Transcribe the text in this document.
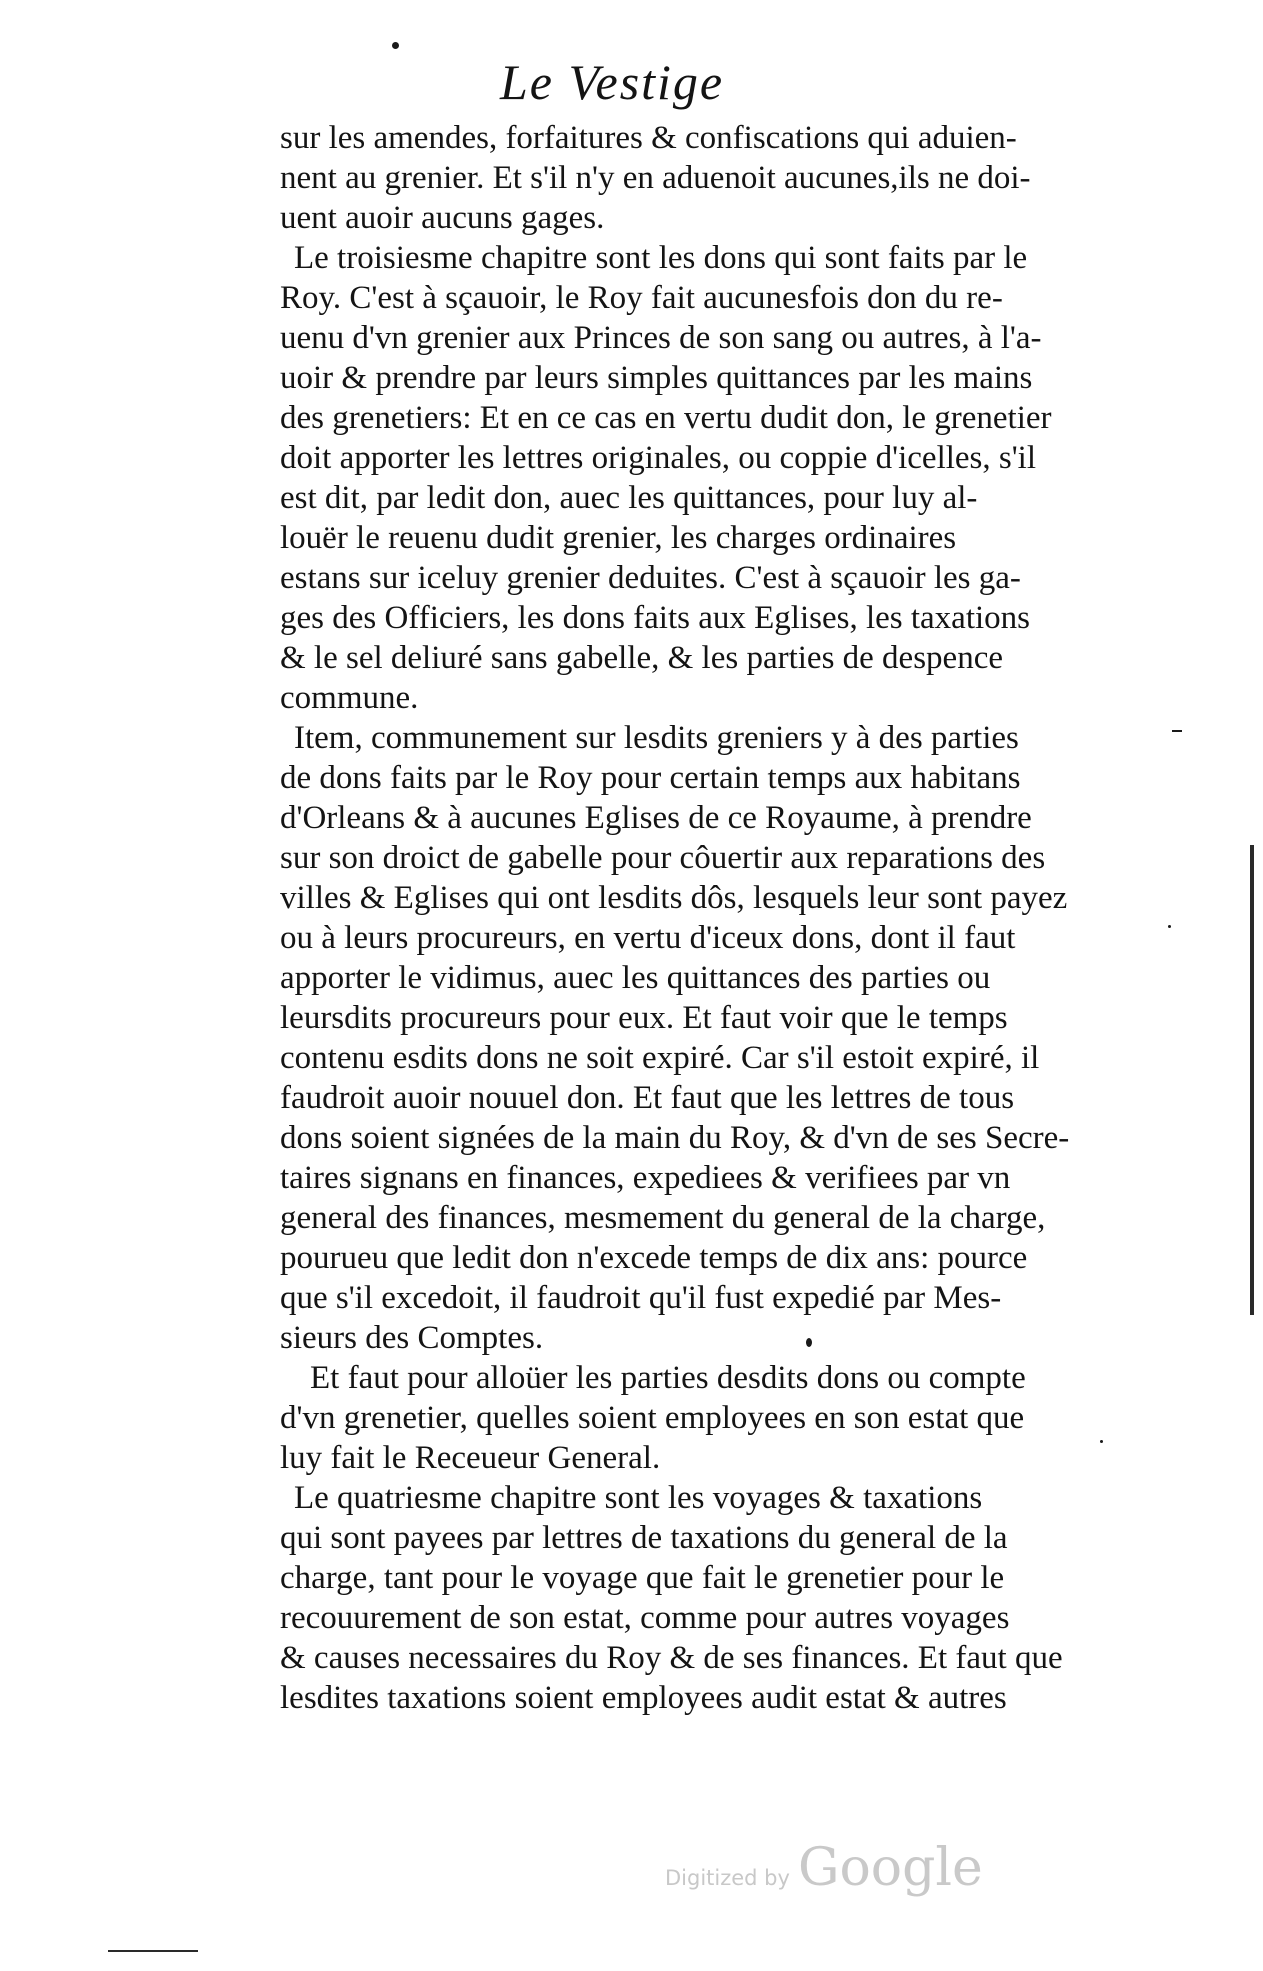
Le Vestige
sur les amendes, forfaitures & confiscations qui aduien-
nent au grenier. Et s'il n'y en aduenoit aucunes,ils ne doi-
uent auoir aucuns gages.
Le troisiesme chapitre sont les dons qui sont faits par le
Roy. C'est à sçauoir, le Roy fait aucunesfois don du re-
uenu d'vn grenier aux Princes de son sang ou autres, à l'a-
uoir & prendre par leurs simples quittances par les mains
des grenetiers: Et en ce cas en vertu dudit don, le grenetier
doit apporter les lettres originales, ou coppie d'icelles, s'il
est dit, par ledit don, auec les quittances, pour luy al-
louër le reuenu dudit grenier, les charges ordinaires
estans sur iceluy grenier deduites. C'est à sçauoir les ga-
ges des Officiers, les dons faits aux Eglises, les taxations
& le sel deliuré sans gabelle, & les parties de despence
commune.
Item, communement sur lesdits greniers y à des parties
de dons faits par le Roy pour certain temps aux habitans
d'Orleans & à aucunes Eglises de ce Royaume, à prendre
sur son droict de gabelle pour côuertir aux reparations des
villes & Eglises qui ont lesdits dôs, lesquels leur sont payez
ou à leurs procureurs, en vertu d'iceux dons, dont il faut
apporter le vidimus, auec les quittances des parties ou
leursdits procureurs pour eux. Et faut voir que le temps
contenu esdits dons ne soit expiré. Car s'il estoit expiré, il
faudroit auoir nouuel don. Et faut que les lettres de tous
dons soient signées de la main du Roy, & d'vn de ses Secre-
taires signans en finances, expediees & verifiees par vn
general des finances, mesmement du general de la charge,
pourueu que ledit don n'excede temps de dix ans: pource
que s'il excedoit, il faudroit qu'il fust expedié par Mes-
sieurs des Comptes.
Et faut pour alloüer les parties desdits dons ou compte
d'vn grenetier, quelles soient employees en son estat que
luy fait le Receueur General.
Le quatriesme chapitre sont les voyages & taxations
qui sont payees par lettres de taxations du general de la
charge, tant pour le voyage que fait le grenetier pour le
recouurement de son estat, comme pour autres voyages
& causes necessaires du Roy & de ses finances. Et faut que
lesdites taxations soient employees audit estat & autres
Digitized by Google
